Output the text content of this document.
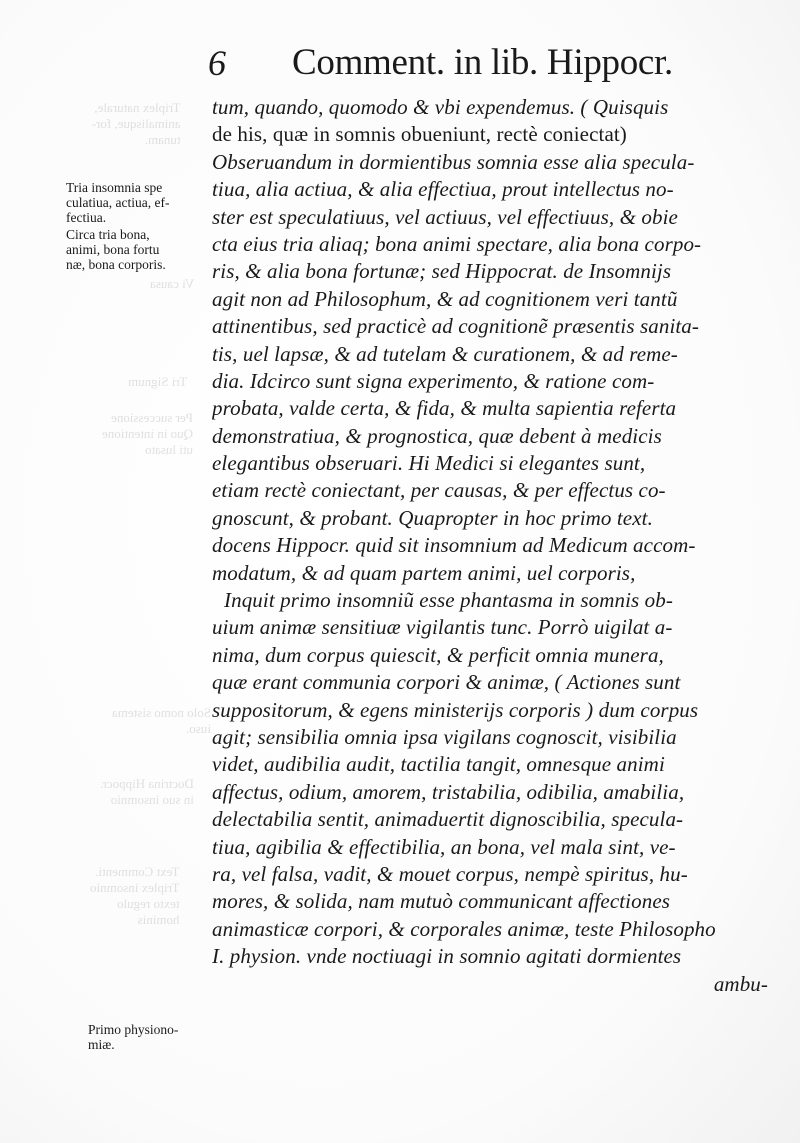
Triplex naturale,
animalisque, for-
tunam.
Vi causa
Tri Signum
Per successione
Quo in intentione
uti lusato
Solo nomo sistema
iuso.
Doctrina Hippocr.
in suo insomnio
Text Commenti.
Triplex insomnio
texto regulo
hominis
6 Comment. in lib. Hippocr.
Tria insomnia spe
culatiua, actiua, ef-
fectiua.
Circa tria bona,
animi, bona fortu
næ, bona corporis.
Primo physiono-
miæ.
tum, quando, quomodo & vbi expendemus. ( Quisquis
de his, quæ in somnis obueniunt, rectè coniectat)
Obseruandum in dormientibus somnia esse alia specula-
tiua, alia actiua, & alia effectiua, prout intellectus no-
ster est speculatiuus, vel actiuus, vel effectiuus, & obie
cta eius tria aliaq; bona animi spectare, alia bona corpo-
ris, & alia bona fortunæ; sed Hippocrat. de Insomnijs
agit non ad Philosophum, & ad cognitionem veri tantũ
attinentibus, sed practicè ad cognitionẽ præsentis sanita-
tis, uel lapsæ, & ad tutelam & curationem, & ad reme-
dia. Idcirco sunt signa experimento, & ratione com-
probata, valde certa, & fida, & multa sapientia referta
demonstratiua, & prognostica, quæ debent à medicis
elegantibus obseruari. Hi Medici si elegantes sunt,
etiam rectè coniectant, per causas, & per effectus co-
gnoscunt, & probant. Quapropter in hoc primo text.
docens Hippocr. quid sit insomnium ad Medicum accom-
modatum, & ad quam partem animi, uel corporis,
Inquit primo insomniũ esse phantasma in somnis ob-
uium animæ sensitiuæ vigilantis tunc. Porrò uigilat a-
nima, dum corpus quiescit, & perficit omnia munera,
quæ erant communia corpori & animæ, ( Actiones sunt
suppositorum, & egens ministerijs corporis ) dum corpus
agit; sensibilia omnia ipsa vigilans cognoscit, visibilia
videt, audibilia audit, tactilia tangit, omnesque animi
affectus, odium, amorem, tristabilia, odibilia, amabilia,
delectabilia sentit, animaduertit dignoscibilia, specula-
tiua, agibilia & effectibilia, an bona, vel mala sint, ve-
ra, vel falsa, vadit, & mouet corpus, nempè spiritus, hu-
mores, & solida, nam mutuò communicant affectiones
animasticæ corpori, & corporales animæ, teste Philosopho
I. physion. vnde noctiuagi in somnio agitati dormientes
ambu-
